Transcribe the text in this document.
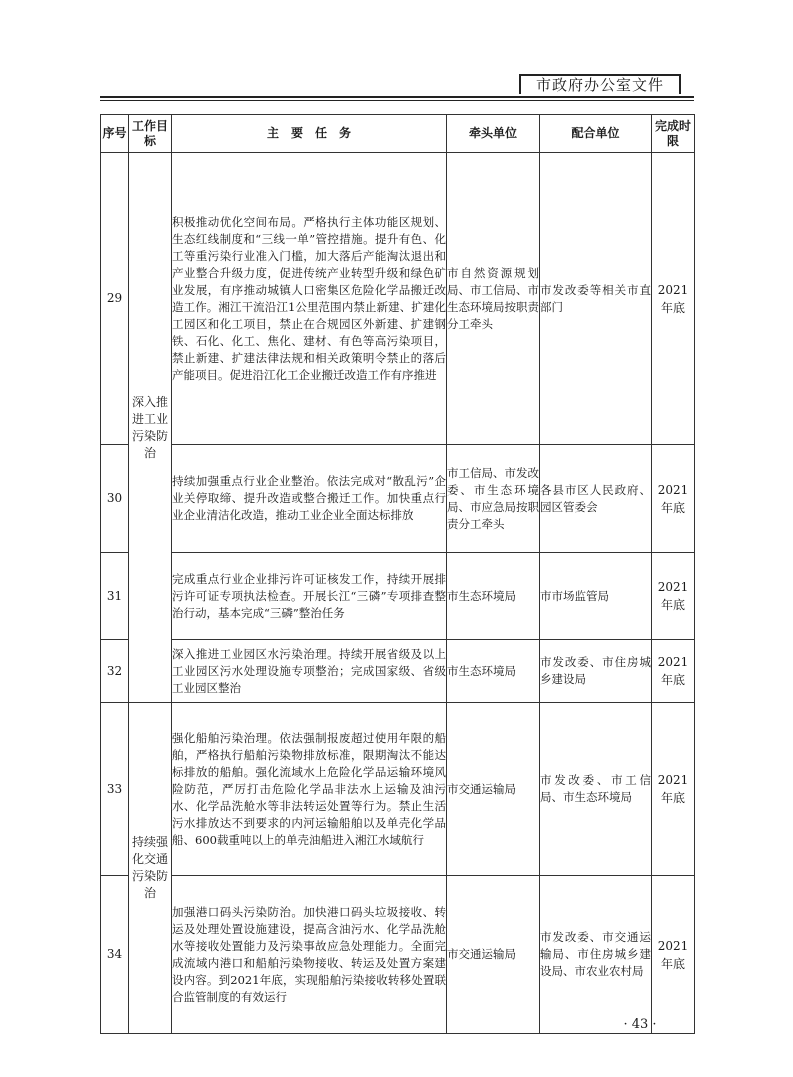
市政府办公室文件
序号	工作目标	主　要　任　务	牵头单位	配合单位	完成时限
29	深入推进工业污染防治	积极推动优化空间布局。严格执行主体功能区规划、生态红线制度和“三线一单”管控措施。提升有色、化工等重污染行业准入门槛，加大落后产能淘汰退出和产业整合升级力度，促进传统产业转型升级和绿色矿业发展，有序推动城镇人口密集区危险化学品搬迁改造工作。湘江干流沿江1公里范围内禁止新建、扩建化工园区和化工项目，禁止在合规园区外新建、扩建钢铁、石化、化工、焦化、建材、有色等高污染项目，禁止新建、扩建法律法规和相关政策明令禁止的落后产能项目。促进沿江化工企业搬迁改造工作有序推进	市自然资源规划局、市工信局、市生态环境局按职责分工牵头	市发改委等相关市直部门	2021年底
30		持续加强重点行业企业整治。依法完成对“散乱污”企业关停取缔、提升改造或整合搬迁工作。加快重点行业企业清洁化改造，推动工业企业全面达标排放	市工信局、市发改委、市生态环境局、市应急局按职责分工牵头	各县市区人民政府、园区管委会	2021年底
31		完成重点行业企业排污许可证核发工作，持续开展排污许可证专项执法检查。开展长江“三磷”专项排查整治行动，基本完成“三磷”整治任务	市生态环境局	市市场监管局	2021年底
32		深入推进工业园区水污染治理。持续开展省级及以上工业园区污水处理设施专项整治；完成国家级、省级工业园区整治	市生态环境局	市发改委、市住房城乡建设局	2021年底
33	持续强化交通污染防治	强化船舶污染治理。依法强制报废超过使用年限的船舶，严格执行船舶污染物排放标准，限期淘汰不能达标排放的船舶。强化流域水上危险化学品运输环境风险防范，严厉打击危险化学品非法水上运输及油污水、化学品洗舱水等非法转运处置等行为。禁止生活污水排放达不到要求的内河运输船舶以及单壳化学品船、600载重吨以上的单壳油船进入湘江水域航行	市交通运输局	市发改委、市工信局、市生态环境局	2021年底
34		加强港口码头污染防治。加快港口码头垃圾接收、转运及处理处置设施建设，提高含油污水、化学品洗舱水等接收处置能力及污染事故应急处理能力。全面完成流域内港口和船舶污染物接收、转运及处置方案建设内容。到2021年底，实现船舶污染接收转移处置联合监管制度的有效运行	市交通运输局	市发改委、市交通运输局、市住房城乡建设局、市农业农村局	2021年底
· 43 ·
